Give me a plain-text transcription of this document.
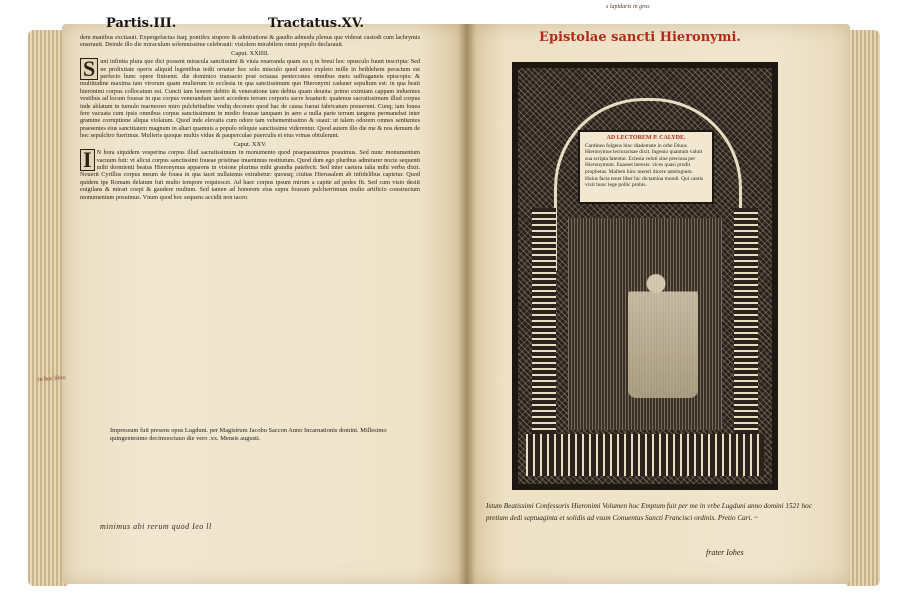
Partis.III.	Tractatus.XV.
dem manibus excitauit. Expergefactus itaq; pontifex stupore & admiratione & gaudio admodu plenus que viderat custodi cum lachrymis enarrauit. Deinde illo die miraculum solemnissime celebrauit: visiolem mirabilem omni populo declarauit.
Caput. XXIIII.
S unt infinita plura que dici possent miracula sanctissimi & viuia enarranda quam ea q in breui hoc opusculo fuunt inscripta: Sed ne prolixitate operis aliquid legentibus tedii ornatur hoc solo misculo quod anno expleto mille in bethlehem peractum est perfecto hunc opere finisemt. die dominico transacto post octauas pentecostes omnibus meis suffraganeis episcopis: & multitudine maxima tam virorum quam mulierum in ecclesia in qua sanctissimum quo Hieronymi cadauer sepultum est: in qua beati hieronimi corpus collocatum est. Cuncti tam honore debito & veneratione tam debita quam deuota: primo eximiam cappam induentes vestibus ad locum foueae in qua corpus venerandum iacet accedens terram corporis sacre leuaturit: quatenus sacratissimum illud corpus inde ablatum in tumulo marmoreo miro pulchritudine vndiq decorato quod hac de causa fuerat fabricatum posuerunt. Cunq; iam fouea fere vacuata cum ipsis omnibus corpus sanctissimum in medio foueae tanquam in aere a nulla parte terram tangens permanebat inter gramine corruptione aliqua violatum. Quod inde elevatis cum odore tam vehementissimo & suaui: ut talem odorem omnes sentientes praesentes eius sanctitatem magnum in altari quamuis a populo reliquie sanctissime viderentur. Quod autem illo die me & nos demum de hoc sepulchro fuerimus. Mulieris quoque multis vidue & pauperculae puerculis et eius vrinas obtulerunt.
Caput. XXV.
I N hora siquidem vesperina corpus illud sacratissimum in monumento quod praeparauimus posuimus. Sed nunc monumentum vacuum fuit: vt alicui corpus sanctissimi foueae pristinae inuenimus restitutum. Quod dum ego pluribus admirarer nocte sequenti mihi dormienti beatus Hieronymus apparens in visione plurima mihi grandia patefecit. Sed inter caetera talia mihi verba dixit. Nouerit Cyrillus corpus meum de fouea in qua iacet nullatenus extrahetur: quousq; ciuitas Hierusalem ab infidelibus capietur. Quod quidem tpe Romam delatum fuit multo tempore requiescet. Ad haec corpus ipsum mirum a capite ad pedes fit. Sed cum visio desiit euigilans & mirari coepi & gaudere multum. Sed tamen ad honorem eius supra foueam pulcherrimum multo artificio constructum monumentum posuimus. Vnum quod hoc sequens accidit non taceo.
in hoc libro
Impressum fuit presens opus Lugduni. per Magistrum Jacobu Saccon Anno Incarnationis domini. Millesimo quingentesimo decimooctauo die vero .xx. Mensis augusti.
minimus abi rerum quod Ieo ll
s lapidaris in gros
Epistolae sancti Hieronymi.
AD LECTOREM P. CALYDE.
Cardineo fulgens hinc diademate in orbe Diuus Hieronymus lectorarisae dixit. Ingenio quantum valuit sua scripta fatentur. Eclesia veluti sine preciosa per Hieronymum. Euasset heresis: vices quasi prodit prophetas. Mallem hinc mereri dicere antelogium. Huius facta tenet liber hic dictamina mundi. Qui cantis vixit hunc lege pollic probis.
Istum Beatissimi Confessoris Hieronimi Volumen hoc Emptum fuit per me in vrbe Lugduni anno domini 1521 hoc pretium dedi septuaginta et solidis ad vsum Conuentus Sancti Francisci ordinis. Pretio Cari. ~
frater Iohes
